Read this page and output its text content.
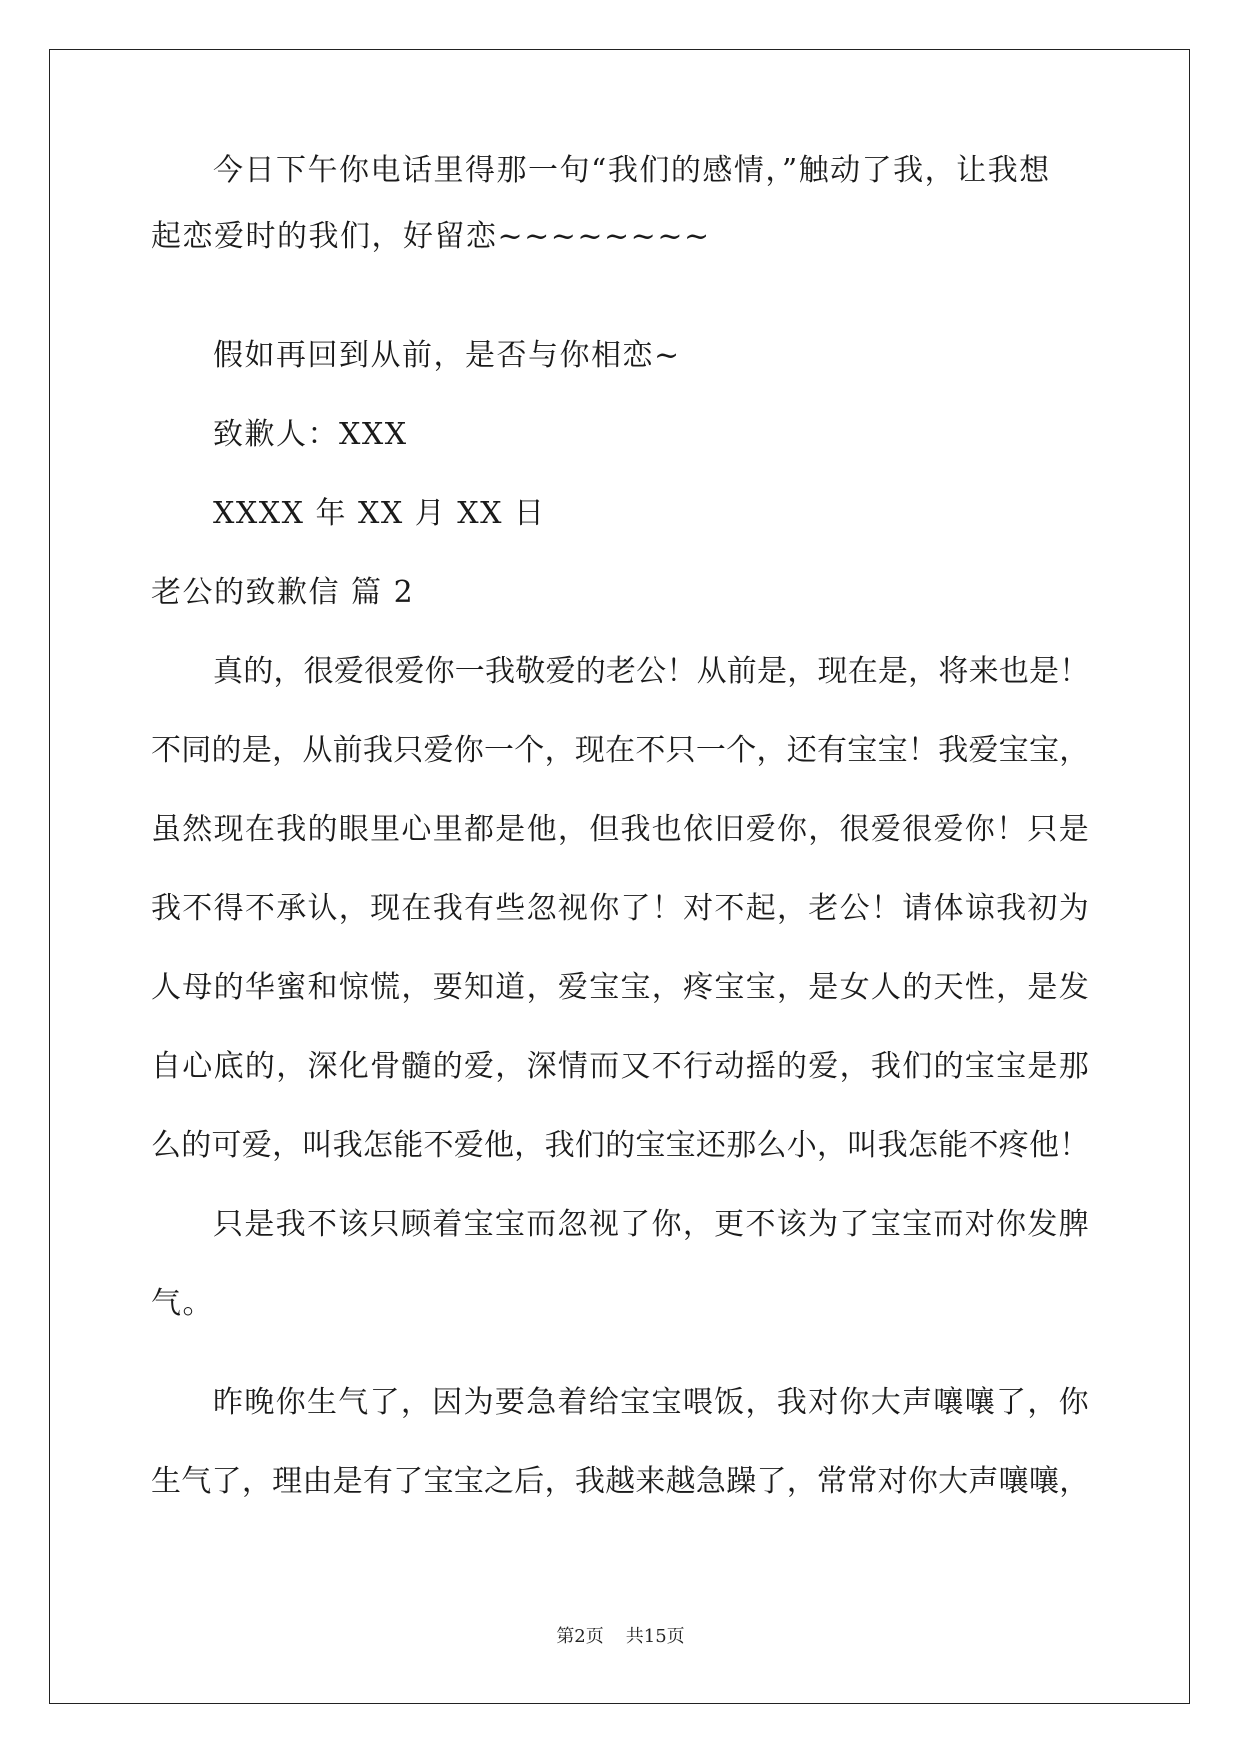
今日下午你电话里得那一句“我们的感情，”触动了我，让我想
起恋爱时的我们，好留恋~~~~~~~~
假如再回到从前，是否与你相恋~
致歉人：XXX
XXXX 年 XX 月 XX 日
老公的致歉信 篇 2
真的，很爱很爱你一我敬爱的老公！从前是，现在是，将来也是！
不同的是，从前我只爱你一个，现在不只一个，还有宝宝！我爱宝宝，
虽然现在我的眼里心里都是他，但我也依旧爱你，很爱很爱你！只是
我不得不承认，现在我有些忽视你了！对不起，老公！请体谅我初为
人母的华蜜和惊慌，要知道，爱宝宝，疼宝宝，是女人的天性，是发
自心底的，深化骨髓的爱，深情而又不行动摇的爱，我们的宝宝是那
么的可爱，叫我怎能不爱他，我们的宝宝还那么小，叫我怎能不疼他！
只是我不该只顾着宝宝而忽视了你，更不该为了宝宝而对你发脾
气。
昨晚你生气了，因为要急着给宝宝喂饭，我对你大声嚷嚷了，你
生气了，理由是有了宝宝之后，我越来越急躁了，常常对你大声嚷嚷，
第2页 共15页
